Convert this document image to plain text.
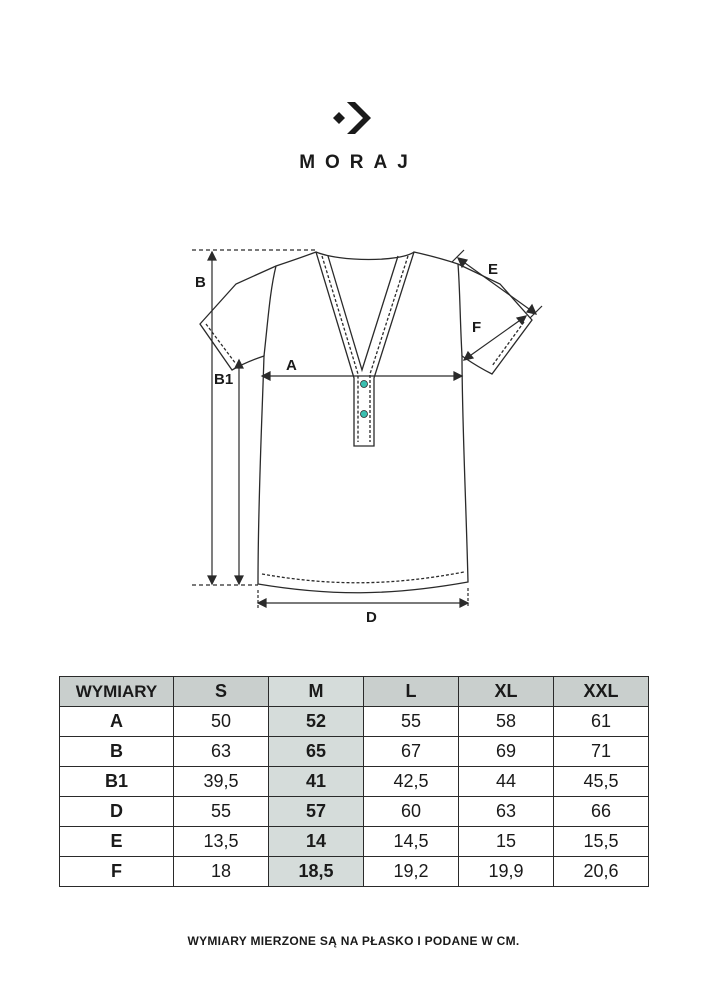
MORAJ
B
B1
A
D
E
F
WYMIARY	S	M	L	XL	XXL
A	50	52	55	58	61
B	63	65	67	69	71
B1	39,5	41	42,5	44	45,5
D	55	57	60	63	66
E	13,5	14	14,5	15	15,5
F	18	18,5	19,2	19,9	20,6
WYMIARY MIERZONE SĄ NA PŁASKO I PODANE W CM.
